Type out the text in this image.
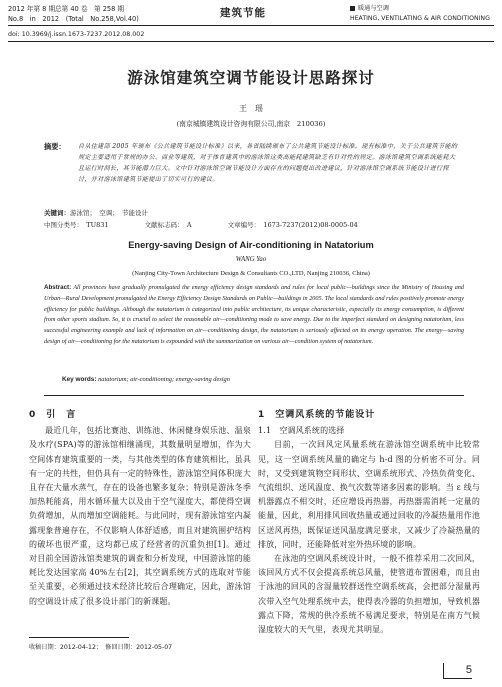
2012 年第 8 期总第 40 卷　第 258 期
No.8　in　2012　(Total　No.258,Vol.40)	建筑节能	暖通与空调
HEATING, VENTILATING & AIR CONDITIONING
doi: 10.3969/j.issn.1673-7237.2012.08.002
游泳馆建筑空调节能设计思路探讨
王　瑶
(南京城镇建筑设计咨询有限公司,南京　210036)
摘要： 自从住建部 2005 年颁布《公共建筑节能设计标准》以来，各省陆续颁布了公共建筑节能设计标准。现有标准中，关于公共建筑节能的规定主要适用于常规的办公、商业等建筑，对于体育建筑中的游泳馆这类高能耗建筑缺乏有针对性的规定。游泳馆建筑空调系统能耗大且运行时间长，其节能潜力巨大。文中针对游泳馆空调节能设计方面存在的问题提出改进建议，针对游泳馆空调系统节能设计进行探讨，并对游泳馆建筑节能提出了切实可行的建议。
关键词：游泳馆；　空调；　节能设计
中图分类号：　TU831	文献标志码：　A	文章编号：　1673-7237(2012)08-0005-04
Energy-saving Design of Air-conditioning in Natatorium
WANG Yao
(Nanjing City-Town Architecture Design & Consultants CO.,LTD, Nanjing 210036, China)
Abstract: All provinces have gradually promulgated the energy efficiency design standards and rules for local public—buildings since the Ministry of Housing and Urban—Rural Development promulgated the Energy Efficiency Design Standards on Public—buildings in 2005. The local standards and rules positively promote energy efficiency for public buildings. Although the natatorium is categorized into public architecture, its unique characteristic, especially its energy consumption, is different from other sports stadium. So, it is crucial to select the reasonable air—conditioning mode to save energy. Due to the imperfect standard on designing natatorium, less successful engineering example and lack of information on air—conditioning design, the natatorium is seriously affected on its energy operation. The energy—saving design of air—conditioning for the natatorium is expounded with the summarization on various air—condition system of natatorium.
Key words: natatorium; air-conditioning; energy-saving design

0　引　言

最近几年，包括比赛池、训练池、休闲健身娱乐池、温泉及水疗(SPA)等的游泳馆相继涌现，其数量明显增加，作为大空间体育建筑重要的一类，与其他类型的体育建筑相比，虽具有一定的共性，但仍具有一定的特殊性，游泳馆空间体积庞大且存在大量水蒸气，存在的设备也繁多复杂；特别是游泳冬季加热耗能高，用水循环量大以及由于空气湿度大，都使得空调负荷增加，从而增加空调能耗。与此同时，现有游泳馆室内凝露现象普遍存在，不仅影响人体舒适感，而且对建筑围护结构的破坏也很严重，这均都已成了经营者的沉重负担[1]。通过对目前全国游泳馆类建筑的调查和分析发现，中国游泳馆的能耗比发达国家高 40%左右[2]，其空调系统方式的选取对节能至关重要，必须通过技术经济比较后合理确定，因此，游泳馆的空调设计成了很多设计部门的新课题。

收稿日期：2012-04-12；　修回日期：2012-05-07

1　空调风系统的节能设计

1.1　空调风系统的选择

目前，一次回风定风量系统在游泳馆空调系统中比较常见，这一空调系统风量的确定与 h-d 图的分析密不可分。同时，又受到建筑物空间形状、空调系统形式、冷热负荷变化、气流组织、送风温度、换气次数等诸多因素的影响。当 ε 线与机器露点不相交时，还应增设再热器，再热器需消耗一定量的能量，因此，利用排风回收热量或通过回收的冷凝热量用作池区送风再热，既保证送风温度满足要求，又减少了冷凝热量的排放，同时，还能降低对室外热环境的影响。

在泳池的空调风系统设计时，一般不推荐采用二次回风，该回风方式不仅会提高系统总风量，使管道布置困难，而且由于泳池的回风的含湿量较群送性空调系统高，会把部分湿量再次带入空气处理系统中去，使得表冷器的负担增加，导致机器露点下降，常规的供冷系统不易满足要求，特别是在南方气候湿度较大的天气里，表现尤其明显。

5
